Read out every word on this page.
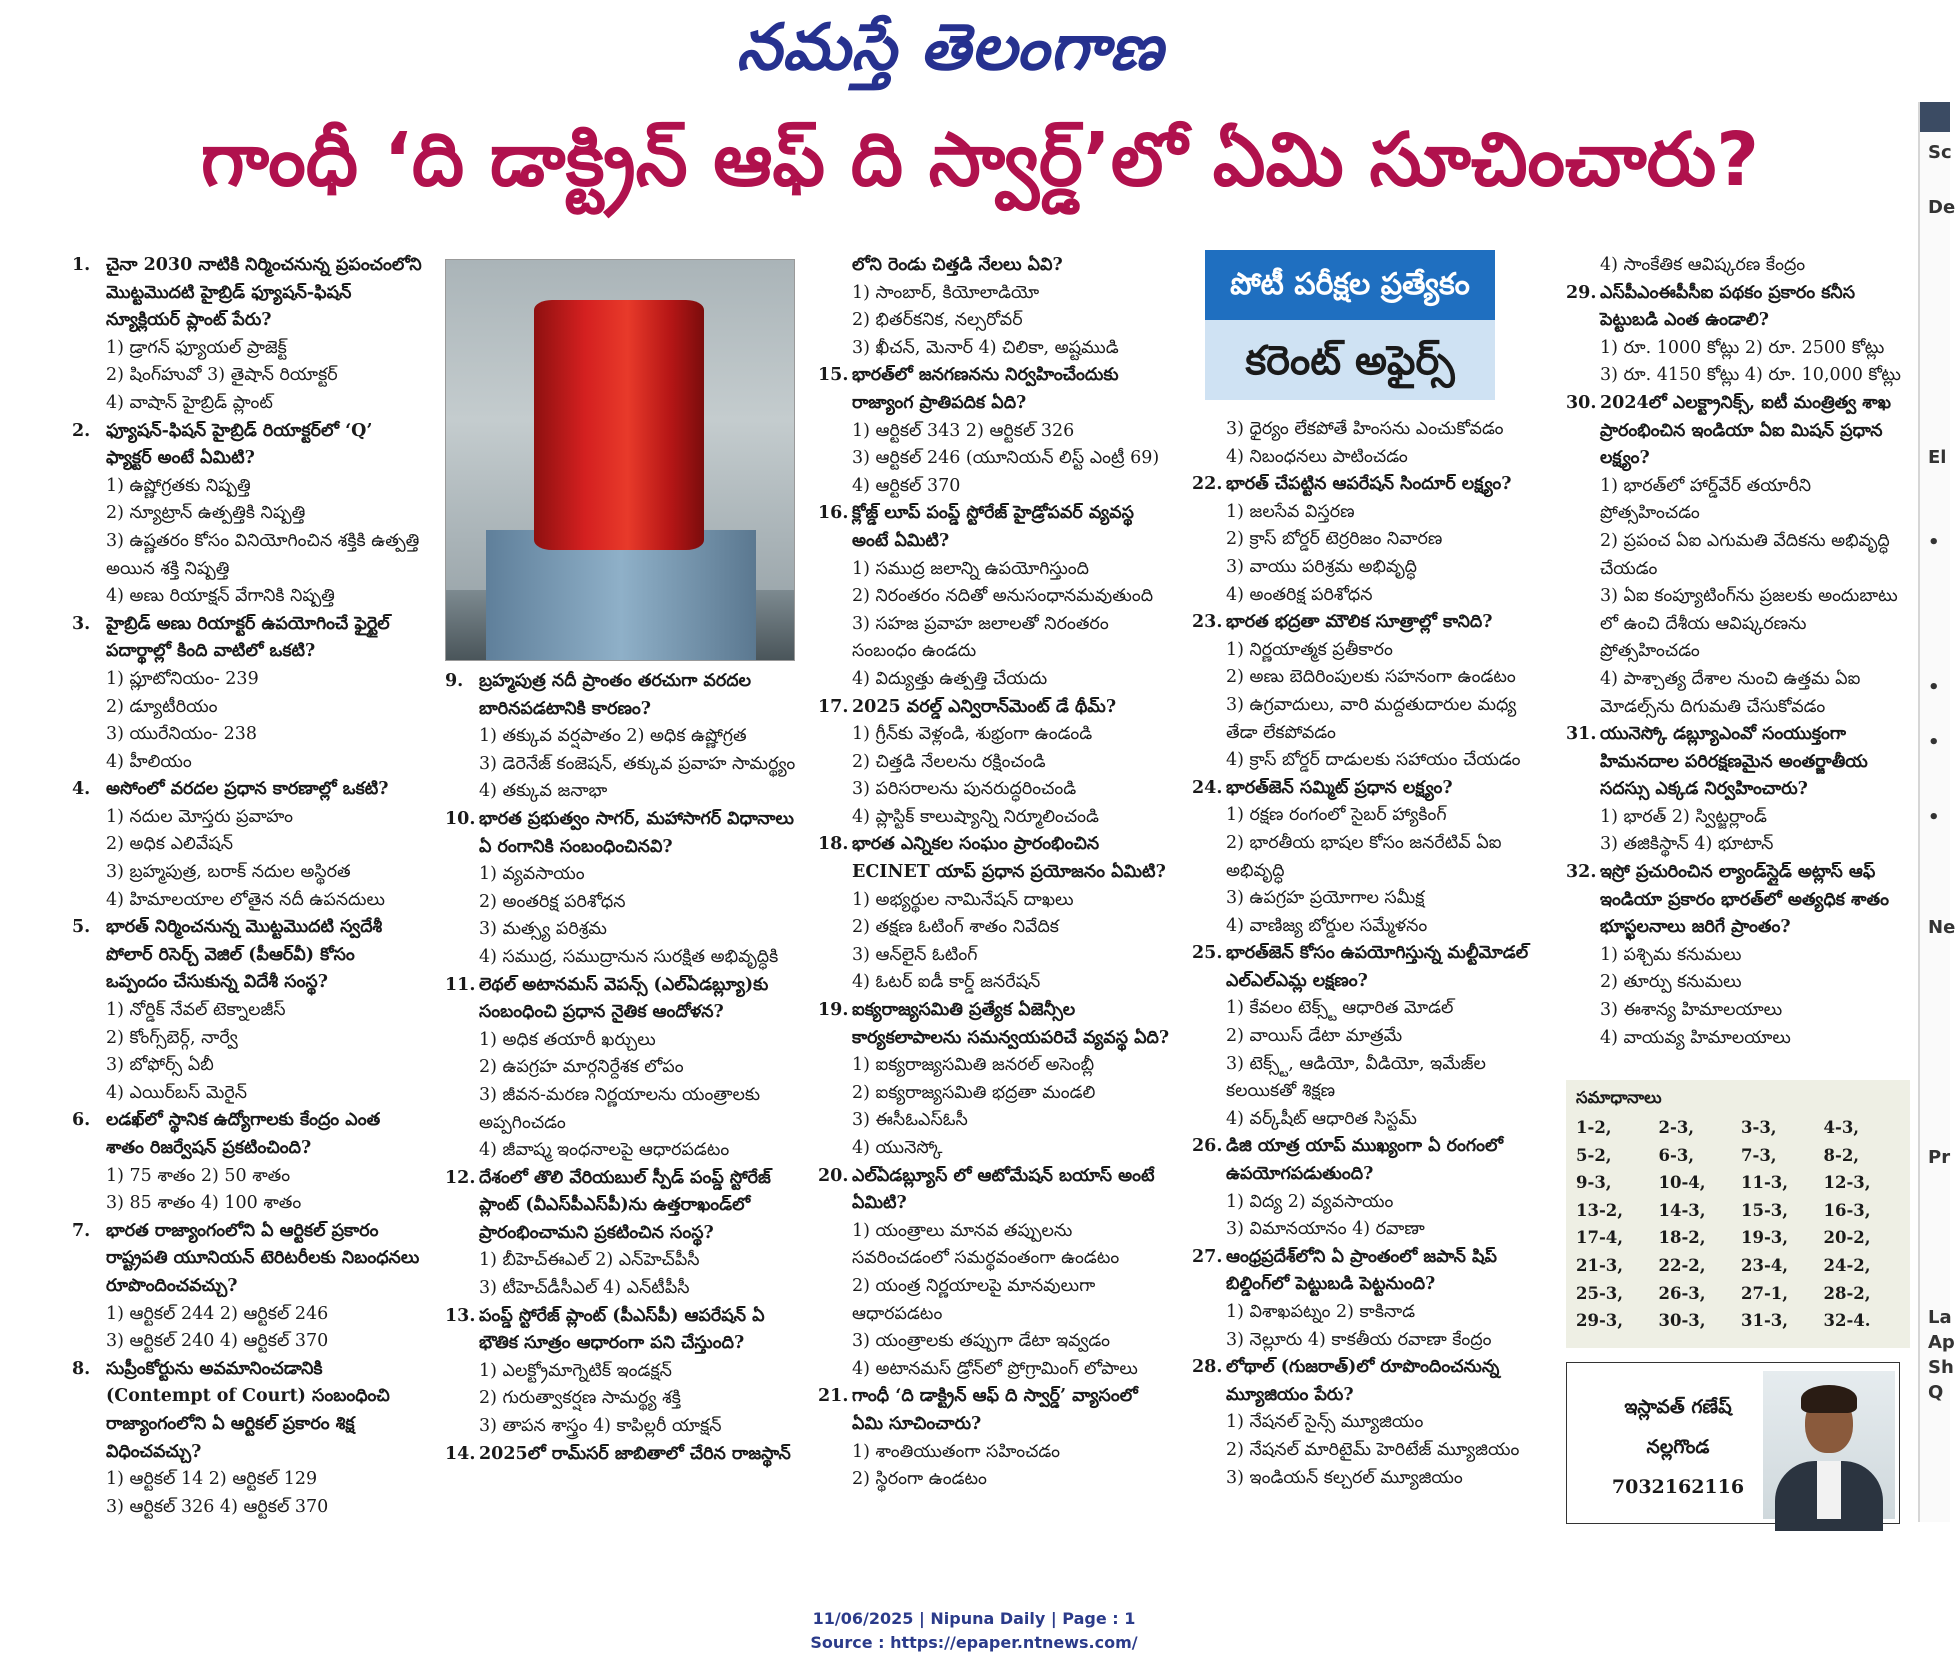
నమస్తే తెలంగాణ
గాంధీ ‘ది డాక్ట్రిన్ ఆఫ్ ది స్వార్డ్’లో ఏమి సూచించారు?

1. చైనా 2030 నాటికి నిర్మించనున్న ప్రపంచంలోని మొట్టమొదటి హైబ్రిడ్ ఫ్యూషన్-ఫిషన్ న్యూక్లియర్ ప్లాంట్ పేరు?

1) డ్రాగన్ ఫ్యూయల్ ప్రాజెక్ట్

2) షింగ్‌హువో 3) తైషాన్ రియాక్టర్

4) వాషాన్ హైబ్రిడ్ ప్లాంట్

2. ఫ్యూషన్-ఫిషన్ హైబ్రిడ్ రియాక్టర్‌లో ‘Q’ ఫ్యాక్టర్ అంటే ఏమిటి?

1) ఉష్ణోగ్రతకు నిష్పత్తి

2) న్యూట్రాన్ ఉత్పత్తికి నిష్పత్తి

3) ఉష్ణతరం కోసం వినియోగించిన శక్తికి ఉత్పత్తి అయిన శక్తి నిష్పత్తి

4) అణు రియాక్షన్ వేగానికి నిష్పత్తి

3. హైబ్రిడ్ అణు రియాక్టర్ ఉపయోగించే ఫైర్టైల్ పదార్థాల్లో కింది వాటిలో ఒకటి?

1) ప్లూటోనియం- 239

2) డ్యూటీరియం

3) యురేనియం- 238

4) హీలియం

4. అసోంలో వరదల ప్రధాన కారణాల్లో ఒకటి?

1) నదుల మోస్తరు ప్రవాహం

2) అధిక ఎలివేషన్

3) బ్రహ్మపుత్ర, బరాక్ నదుల అస్థిరత

4) హిమాలయాల లోతైన నదీ ఉపనదులు

5. భారత్ నిర్మించనున్న మొట్టమొదటి స్వదేశీ పోలార్ రిసెర్చ్ వెజిల్ (పీఆర్‌వీ) కోసం ఒప్పందం చేసుకున్న విదేశీ సంస్థ?

1) నోర్డిక్ నేవల్ టెక్నాలజీస్

2) కోంగ్స్‌బెర్గ్, నార్వే

3) బోఫోర్స్ ఏబీ

4) ఎయిర్‌బస్ మెరైన్

6. లడఖ్‌లో స్థానిక ఉద్యోగాలకు కేంద్రం ఎంత శాతం రిజర్వేషన్ ప్రకటించింది?

1) 75 శాతం 2) 50 శాతం

3) 85 శాతం 4) 100 శాతం

7. భారత రాజ్యాంగంలోని ఏ ఆర్టికల్ ప్రకారం రాష్ట్రపతి యూనియన్ టెరిటరీలకు నిబంధనలు రూపొందించవచ్చు?

1) ఆర్టికల్ 244 2) ఆర్టికల్ 246

3) ఆర్టికల్ 240 4) ఆర్టికల్ 370

8. సుప్రీంకోర్టును అవమానించడానికి (Contempt of Court) సంబంధించి రాజ్యాంగంలోని ఏ ఆర్టికల్ ప్రకారం శిక్ష విధించవచ్చు?

1) ఆర్టికల్ 14 2) ఆర్టికల్ 129

3) ఆర్టికల్ 326 4) ఆర్టికల్ 370

9. బ్రహ్మపుత్ర నదీ ప్రాంతం తరచుగా వరదల బారినపడటానికి కారణం?

1) తక్కువ వర్షపాతం 2) అధిక ఉష్ణోగ్రత

3) డెరెనేజ్ కంజెషన్, తక్కువ ప్రవాహ సామర్థ్యం

4) తక్కువ జనాభా

10. భారత ప్రభుత్వం సాగర్, మహాసాగర్ విధానాలు ఏ రంగానికి సంబంధించినవి?

1) వ్యవసాయం

2) అంతరిక్ష పరిశోధన

3) మత్స్య పరిశ్రమ

4) సముద్ర, సముద్రానున సురక్షిత అభివృద్ధికి

11. లెథల్ అటానమస్ వెపన్స్ (ఎల్ఏడబ్ల్యూ)కు సంబంధించి ప్రధాన నైతిక ఆందోళన?

1) అధిక తయారీ ఖర్చులు

2) ఉపగ్రహ మార్గనిర్దేశక లోపం

3) జీవన-మరణ నిర్ణయాలను యంత్రాలకు అప్పగించడం

4) జీవాష్మ ఇంధనాలపై ఆధారపడటం

12. దేశంలో తొలి వేరియబుల్ స్పీడ్ పంప్డ్ స్టోరేజ్ ప్లాంట్ (వీఎస్‌పీఎస్‌పీ)ను ఉత్తరాఖండ్‌లో ప్రారంభించామని ప్రకటించిన సంస్థ?

1) బీహెచ్ఈఎల్ 2) ఎన్‌హెచ్‌పీసీ

3) టీహెచ్‌డీసీఎల్ 4) ఎన్‌టీపీసీ

13. పంప్డ్ స్టోరేజ్ ప్లాంట్ (పీఎస్‌పీ) ఆపరేషన్ ఏ భౌతిక సూత్రం ఆధారంగా పని చేస్తుంది?

1) ఎలక్ట్రోమాగ్నెటిక్ ఇండక్షన్

2) గురుత్వాకర్షణ సామర్థ్య శక్తి

3) తాపన శాస్త్రం 4) కాపిల్లరీ యాక్షన్

14. 2025లో రామ్‌సర్ జాబితాలో చేరిన రాజస్థాన్

లోని రెండు చిత్తడి నేలలు ఏవి?

1) సాంబార్, కియోలాడియో

2) భితర్‌కనిక, నల్సరోవర్

3) ఖీచన్, మెనార్ 4) చిలికా, అష్టముడి

15. భారత్‌లో జనగణనను నిర్వహించేందుకు రాజ్యాంగ ప్రాతిపదిక ఏది?

1) ఆర్టికల్ 343 2) ఆర్టికల్ 326

3) ఆర్టికల్ 246 (యూనియన్ లిస్ట్ ఎంట్రీ 69)

4) ఆర్టికల్ 370

16. క్లోజ్డ్ లూప్ పంప్డ్ స్టోరేజ్ హైడ్రోపవర్ వ్యవస్థ అంటే ఏమిటి?

1) సముద్ర జలాన్ని ఉపయోగిస్తుంది

2) నిరంతరం నదితో అనుసంధానమవుతుంది

3) సహజ ప్రవాహ జలాలతో నిరంతరం సంబంధం ఉండదు

4) విద్యుత్తు ఉత్పత్తి చేయదు

17. 2025 వరల్డ్ ఎన్విరాన్‌మెంట్ డే థీమ్?

1) గ్రీన్‌కు వెళ్లండి, శుభ్రంగా ఉండండి

2) చిత్తడి నేలలను రక్షించండి

3) పరిసరాలను పునరుద్ధరించండి

4) ప్లాస్టిక్ కాలుష్యాన్ని నిర్మూలించండి

18. భారత ఎన్నికల సంఘం ప్రారంభించిన ECINET యాప్ ప్రధాన ప్రయోజనం ఏమిటి?

1) అభ్యర్థుల నామినేషన్ దాఖలు

2) తక్షణ ఓటింగ్ శాతం నివేదిక

3) ఆన్‌లైన్ ఓటింగ్

4) ఓటర్ ఐడీ కార్డ్ జనరేషన్

19. ఐక్యరాజ్యసమితి ప్రత్యేక ఏజెన్సీల కార్యకలాపాలను సమన్వయపరిచే వ్యవస్థ ఏది?

1) ఐక్యరాజ్యసమితి జనరల్ అసెంబ్లీ

2) ఐక్యరాజ్యసమితి భద్రతా మండలి

3) ఈసీఓఎస్‌ఓసీ

4) యునెస్కో

20. ఎల్ఏడబ్ల్యూస్‌ లో ఆటోమేషన్ బయాస్ అంటే ఏమిటి?

1) యంత్రాలు మానవ తప్పులను సవరించడంలో సమర్థవంతంగా ఉండటం

2) యంత్ర నిర్ణయాలపై మానవులుగా ఆధారపడటం

3) యంత్రాలకు తప్పుగా డేటా ఇవ్వడం

4) అటానమస్ డ్రోన్‌లో ప్రోగ్రామింగ్ లోపాలు

21. గాంధీ ‘ది డాక్ట్రిన్ ఆఫ్ ది స్వార్డ్’ వ్యాసంలో ఏమి సూచించారు?

1) శాంతియుతంగా సహించడం

2) స్థిరంగా ఉండటం

పోటీ పరీక్షల ప్రత్యేకం
కరెంట్ అఫైర్స్

3) ధైర్యం లేకపోతే హింసను ఎంచుకోవడం

4) నిబంధనలు పాటించడం

22. భారత్ చేపట్టిన ఆపరేషన్ సిందూర్ లక్ష్యం?

1) జలసేవ విస్తరణ

2) క్రాస్ బోర్డర్ టెర్రరిజం నివారణ

3) వాయు పరిశ్రమ అభివృద్ధి

4) అంతరిక్ష పరిశోధన

23. భారత భద్రతా మౌలిక సూత్రాల్లో కానిది?

1) నిర్ణయాత్మక ప్రతీకారం

2) అణు బెదిరింపులకు సహనంగా ఉండటం

3) ఉగ్రవాదులు, వారి మద్దతుదారుల మధ్య తేడా లేకపోవడం

4) క్రాస్ బోర్డర్ దాడులకు సహాయం చేయడం

24. భారత్‌జెన్ సమ్మిట్ ప్రధాన లక్ష్యం?

1) రక్షణ రంగంలో సైబర్ హ్యాకింగ్

2) భారతీయ భాషల కోసం జనరేటివ్ ఏఐ అభివృద్ధి

3) ఉపగ్రహ ప్రయోగాల సమీక్ష

4) వాణిజ్య బోర్డుల సమ్మేళనం

25. భారత్‌జెన్ కోసం ఉపయోగిస్తున్న మల్టీమోడల్ ఎల్ఎల్ఎమ్ల లక్షణం?

1) కేవలం టెక్స్ట్ ఆధారిత మోడల్

2) వాయిస్ డేటా మాత్రమే

3) టెక్స్ట్, ఆడియో, వీడియో, ఇమేజ్‌ల కలయికతో శిక్షణ

4) వర్క్‌షీట్ ఆధారిత సిస్టమ్

26. డిజి యాత్ర యాప్ ముఖ్యంగా ఏ రంగంలో ఉపయోగపడుతుంది?

1) విద్య 2) వ్యవసాయం

3) విమానయానం 4) రవాణా

27. ఆంధ్రప్రదేశ్‌లోని ఏ ప్రాంతంలో జపాన్ షిప్ బిల్డింగ్‌లో పెట్టుబడి పెట్టనుంది?

1) విశాఖపట్నం 2) కాకినాడ

3) నెల్లూరు 4) కాకతీయ రవాణా కేంద్రం

28. లోథాల్ (గుజరాత్)లో రూపొందించనున్న మ్యూజియం పేరు?

1) నేషనల్ సైన్స్ మ్యూజియం

2) నేషనల్ మారిటైమ్ హెరిటేజ్ మ్యూజియం

3) ఇండియన్ కల్చరల్ మ్యూజియం

4) సాంకేతిక ఆవిష్కరణ కేంద్రం

29. ఎస్‌పీఎంఈపీసీఐ పథకం ప్రకారం కనీస పెట్టుబడి ఎంత ఉండాలి?

1) రూ. 1000 కోట్లు 2) రూ. 2500 కోట్లు

3) రూ. 4150 కోట్లు 4) రూ. 10,000 కోట్లు

30. 2024లో ఎలక్ట్రానిక్స్, ఐటీ మంత్రిత్వ శాఖ ప్రారంభించిన ఇండియా ఏఐ మిషన్ ప్రధాన లక్ష్యం?

1) భారత్‌లో హార్డ్‌వేర్ తయారీని ప్రోత్సహించడం

2) ప్రపంచ ఏఐ ఎగుమతి వేదికను అభివృద్ధి చేయడం

3) ఏఐ కంప్యూటింగ్‌ను ప్రజలకు అందుబాటు లో ఉంచి దేశీయ ఆవిష్కరణను ప్రోత్సహించడం

4) పాశ్చాత్య దేశాల నుంచి ఉత్తమ ఏఐ మోడల్స్‌ను దిగుమతి చేసుకోవడం

31. యునెస్కో డబ్ల్యూఎంవో సంయుక్తంగా హిమనదాల పరిరక్షణమైన అంతర్జాతీయ సదస్సు ఎక్కడ నిర్వహించారు?

1) భారత్ 2) స్విట్జర్లాండ్

3) తజికిస్థాన్ 4) భూటాన్

32. ఇస్రో ప్రచురించిన ల్యాండ్‌స్లైడ్ అట్లాస్ ఆఫ్ ఇండియా ప్రకారం భారత్‌లో అత్యధిక శాతం భూస్ఖలనాలు జరిగే ప్రాంతం?

1) పశ్చిమ కనుమలు

2) తూర్పు కనుమలు

3) ఈశాన్య హిమాలయాలు

4) వాయవ్య హిమాలయాలు

సమాధానాలు
1-2,	2-3,	3-3,	4-3,
5-2,	6-3,	7-3,	8-2,
9-3,	10-4,	11-3,	12-3,
13-2,	14-3,	15-3,	16-3,
17-4,	18-2,	19-3,	20-2,
21-3,	22-2,	23-4,	24-2,
25-3,	26-3,	27-1,	28-2,
29-3,	30-3,	31-3,	32-4.
ఇస్లావత్ గణేష్
నల్లగొండ
7032162116
Sc
De
El
•
•
•
•
Ne
Pr
La
Ap
Sh
Q
11/06/2025 | Nipuna Daily | Page : 1
Source : https://epaper.ntnews.com/
